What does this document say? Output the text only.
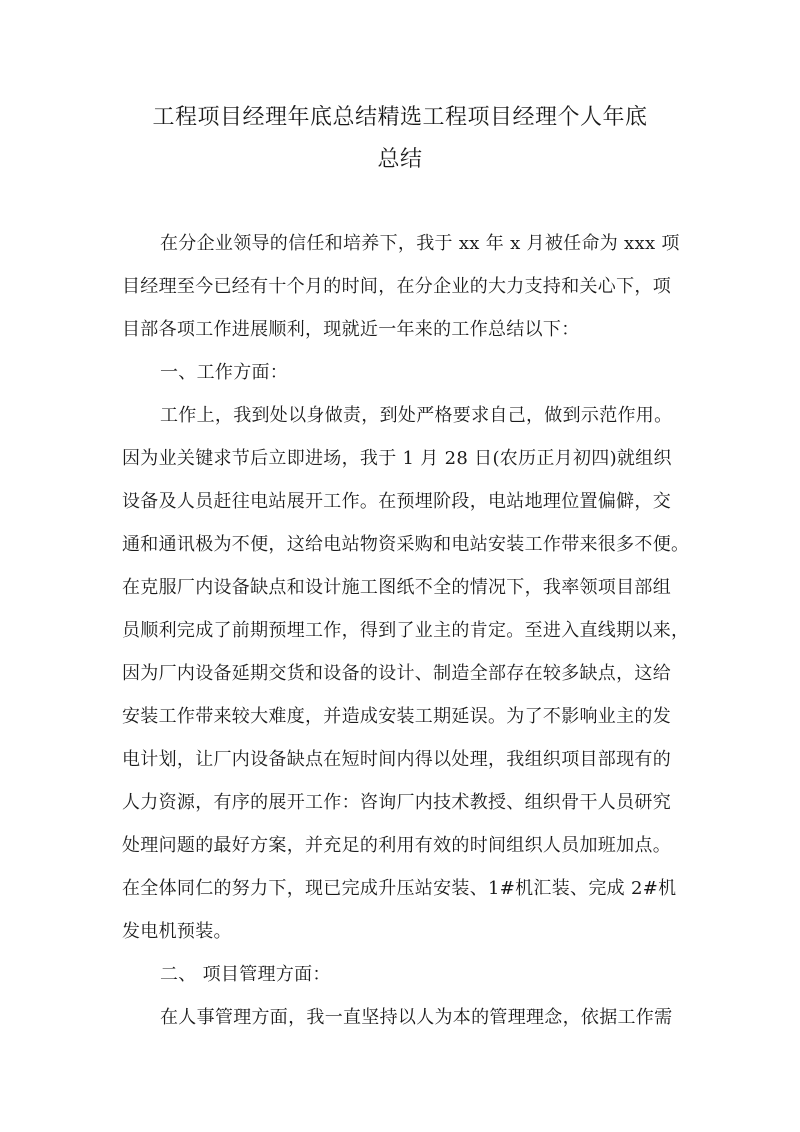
工程项目经理年底总结精选工程项目经理个人年底
总结
在分企业领导的信任和培养下，我于 xx 年 x 月被任命为 xxx 项
目经理至今已经有十个月的时间，在分企业的大力支持和关心下，项
目部各项工作进展顺利，现就近一年来的工作总结以下：
一、工作方面：
工作上，我到处以身做责，到处严格要求自己，做到示范作用。
因为业关键求节后立即进场，我于 1 月 28 日(农历正月初四)就组织
设备及人员赶往电站展开工作。在预埋阶段，电站地理位置偏僻，交
通和通讯极为不便，这给电站物资采购和电站安装工作带来很多不便。
在克服厂内设备缺点和设计施工图纸不全的情况下，我率领项目部组
员顺利完成了前期预埋工作，得到了业主的肯定。至进入直线期以来，
因为厂内设备延期交货和设备的设计、制造全部存在较多缺点，这给
安装工作带来较大难度，并造成安装工期延误。为了不影响业主的发
电计划，让厂内设备缺点在短时间内得以处理，我组织项目部现有的
人力资源，有序的展开工作：咨询厂内技术教授、组织骨干人员研究
处理问题的最好方案，并充足的利用有效的时间组织人员加班加点。
在全体同仁的努力下，现已完成升压站安装、1#机汇装、完成 2#机
发电机预装。
二、 项目管理方面：
在人事管理方面，我一直坚持以人为本的管理理念，依据工作需
